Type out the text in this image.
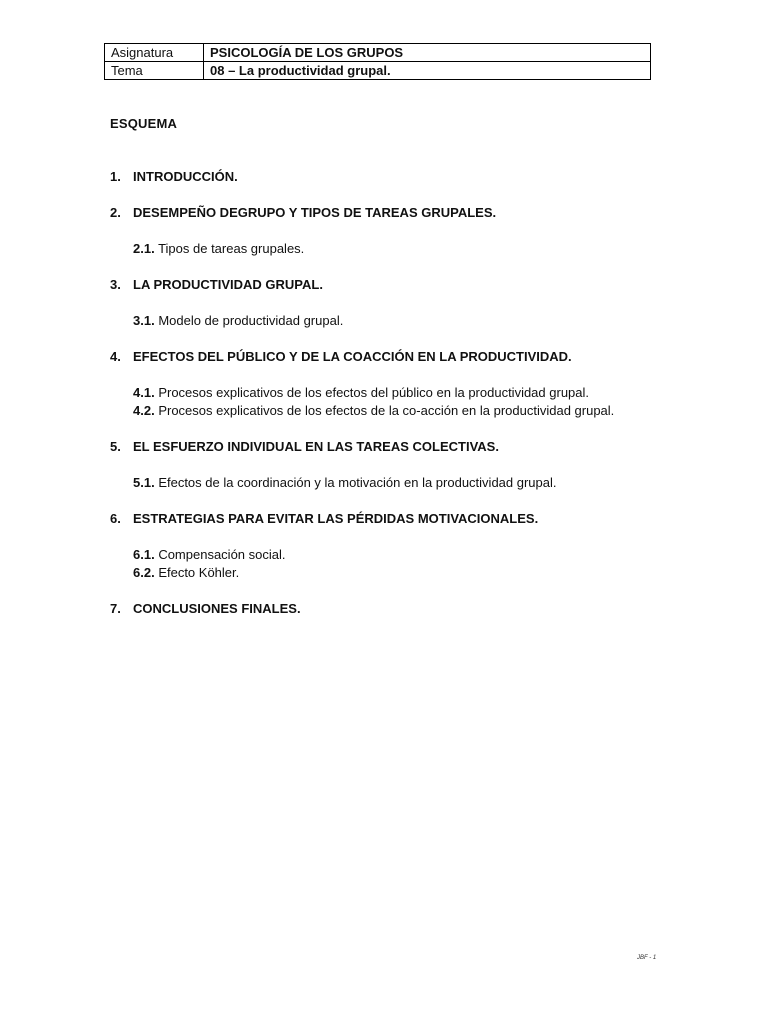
Asignatura	PSICOLOGÍA DE LOS GRUPOS
Tema	08 – La productividad grupal.
ESQUEMA
1. INTRODUCCIÓN.
2. DESEMPEÑO DEGRUPO Y TIPOS DE TAREAS GRUPALES.
2.1. Tipos de tareas grupales.
3. LA PRODUCTIVIDAD GRUPAL.
3.1. Modelo de productividad grupal.
4. EFECTOS DEL PÚBLICO Y DE LA COACCIÓN EN LA PRODUCTIVIDAD.
4.1. Procesos explicativos de los efectos del público en la productividad grupal.
4.2. Procesos explicativos de los efectos de la co-acción en la productividad grupal.
5. EL ESFUERZO INDIVIDUAL EN LAS TAREAS COLECTIVAS.
5.1. Efectos de la coordinación y la motivación en la productividad grupal.
6. ESTRATEGIAS PARA EVITAR LAS PÉRDIDAS MOTIVACIONALES.
6.1. Compensación social.
6.2. Efecto Köhler.
7. CONCLUSIONES FINALES.
JBF - 1
